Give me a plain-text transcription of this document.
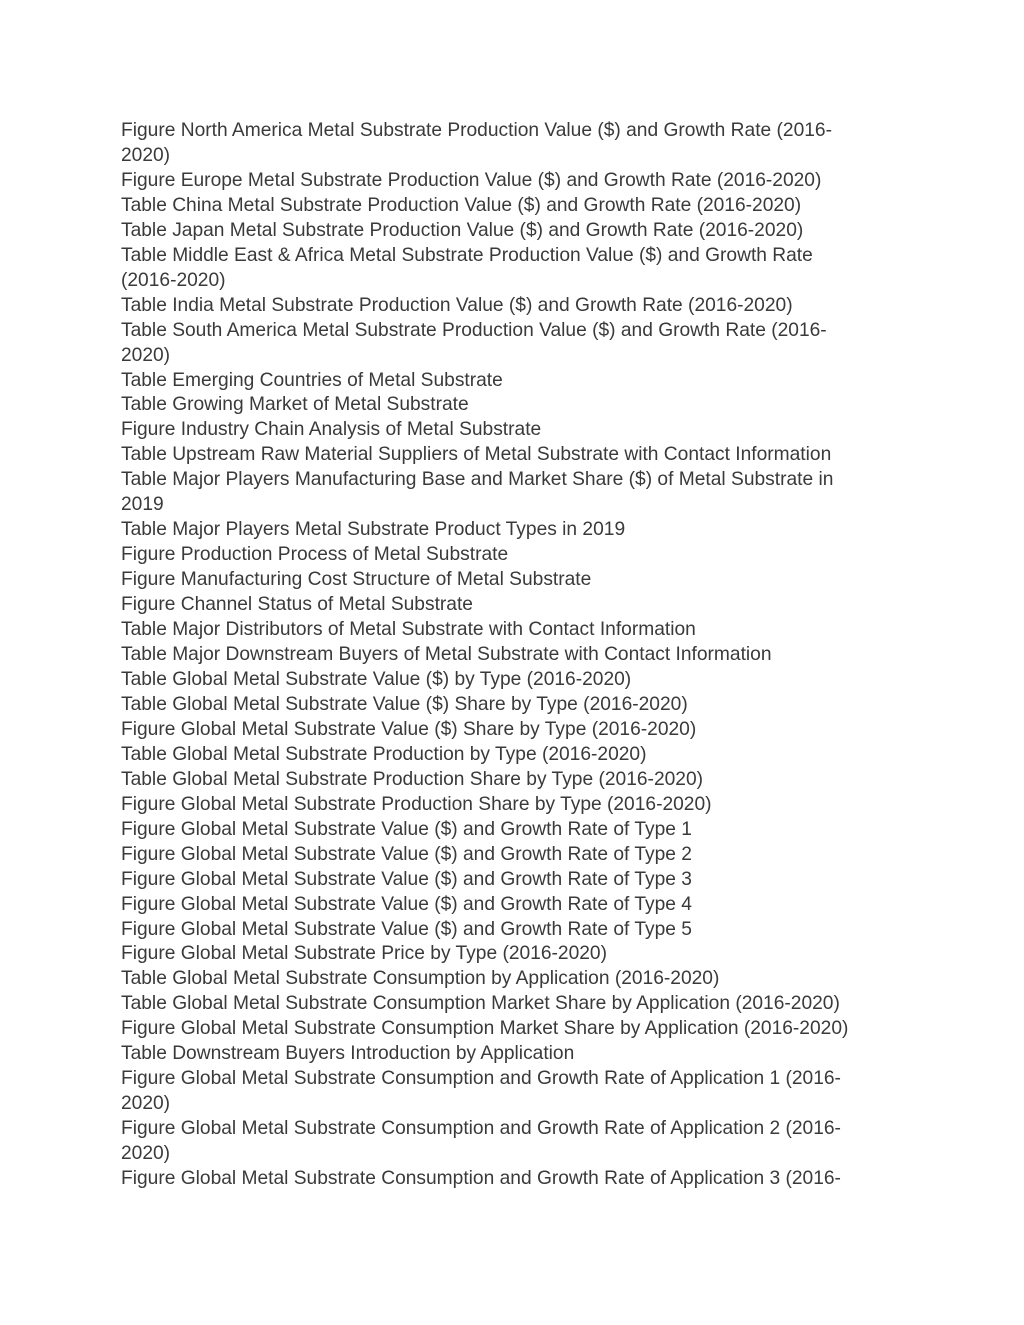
Figure North America Metal Substrate Production Value ($) and Growth Rate (2016-
2020)
Figure Europe Metal Substrate Production Value ($) and Growth Rate (2016-2020)
Table China Metal Substrate Production Value ($) and Growth Rate (2016-2020)
Table Japan Metal Substrate Production Value ($) and Growth Rate (2016-2020)
Table Middle East & Africa Metal Substrate Production Value ($) and Growth Rate
(2016-2020)
Table India Metal Substrate Production Value ($) and Growth Rate (2016-2020)
Table South America Metal Substrate Production Value ($) and Growth Rate (2016-
2020)
Table Emerging Countries of Metal Substrate
Table Growing Market of Metal Substrate
Figure Industry Chain Analysis of Metal Substrate
Table Upstream Raw Material Suppliers of Metal Substrate with Contact Information
Table Major Players Manufacturing Base and Market Share ($) of Metal Substrate in
2019
Table Major Players Metal Substrate Product Types in 2019
Figure Production Process of Metal Substrate
Figure Manufacturing Cost Structure of Metal Substrate
Figure Channel Status of Metal Substrate
Table Major Distributors of Metal Substrate with Contact Information
Table Major Downstream Buyers of Metal Substrate with Contact Information
Table Global Metal Substrate Value ($) by Type (2016-2020)
Table Global Metal Substrate Value ($) Share by Type (2016-2020)
Figure Global Metal Substrate Value ($) Share by Type (2016-2020)
Table Global Metal Substrate Production by Type (2016-2020)
Table Global Metal Substrate Production Share by Type (2016-2020)
Figure Global Metal Substrate Production Share by Type (2016-2020)
Figure Global Metal Substrate Value ($) and Growth Rate of Type 1
Figure Global Metal Substrate Value ($) and Growth Rate of Type 2
Figure Global Metal Substrate Value ($) and Growth Rate of Type 3
Figure Global Metal Substrate Value ($) and Growth Rate of Type 4
Figure Global Metal Substrate Value ($) and Growth Rate of Type 5
Figure Global Metal Substrate Price by Type (2016-2020)
Table Global Metal Substrate Consumption by Application (2016-2020)
Table Global Metal Substrate Consumption Market Share by Application (2016-2020)
Figure Global Metal Substrate Consumption Market Share by Application (2016-2020)
Table Downstream Buyers Introduction by Application
Figure Global Metal Substrate Consumption and Growth Rate of Application 1 (2016-
2020)
Figure Global Metal Substrate Consumption and Growth Rate of Application 2 (2016-
2020)
Figure Global Metal Substrate Consumption and Growth Rate of Application 3 (2016-
